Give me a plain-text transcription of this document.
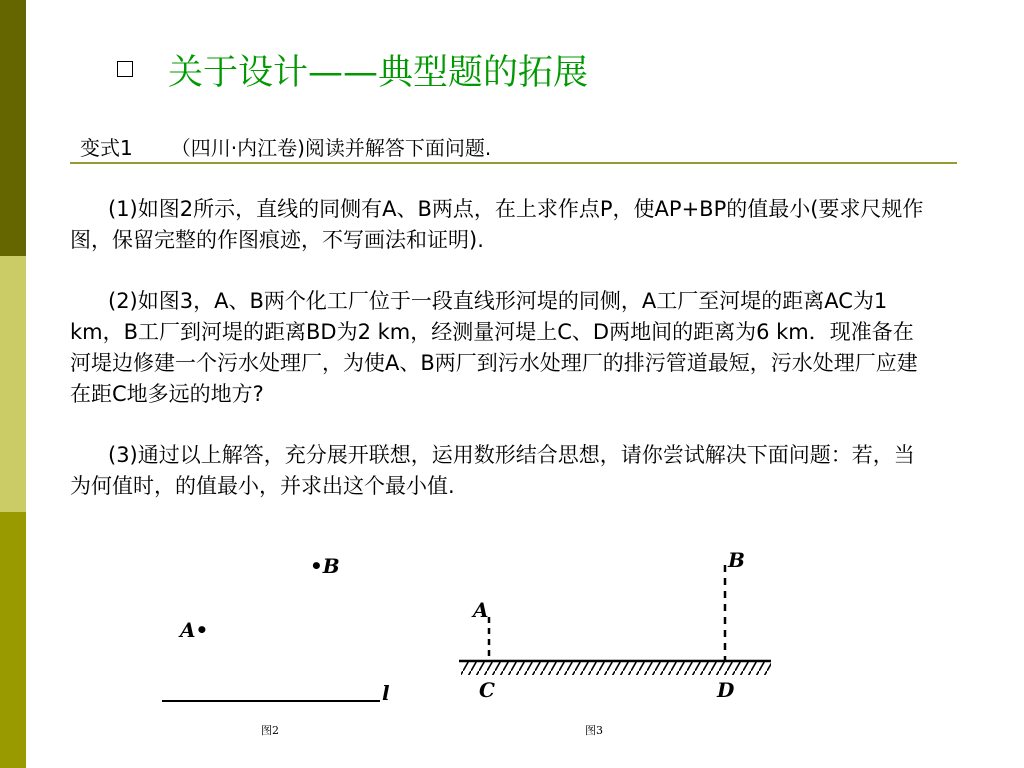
关于设计——典型题的拓展
变式1 （四川·内江卷)阅读并解答下面问题.
(1)如图2所示，直线的同侧有A、B两点，在上求作点P，使AP+BP的值最小(要求尺规作图，保留完整的作图痕迹，不写画法和证明).
(2)如图3，A、B两个化工厂位于一段直线形河堤的同侧，A工厂至河堤的距离AC为1 km，B工厂到河堤的距离BD为2 km，经测量河堤上C、D两地间的距离为6 km．现准备在河堤边修建一个污水处理厂，为使A、B两厂到污水处理厂的排污管道最短，污水处理厂应建在距C地多远的地方?
(3)通过以上解答，充分展开联想，运用数形结合思想，请你尝试解决下面问题：若，当为何值时，的值最小，并求出这个最小值.
•B
A•
l
图2
A
B
C	D
图3
